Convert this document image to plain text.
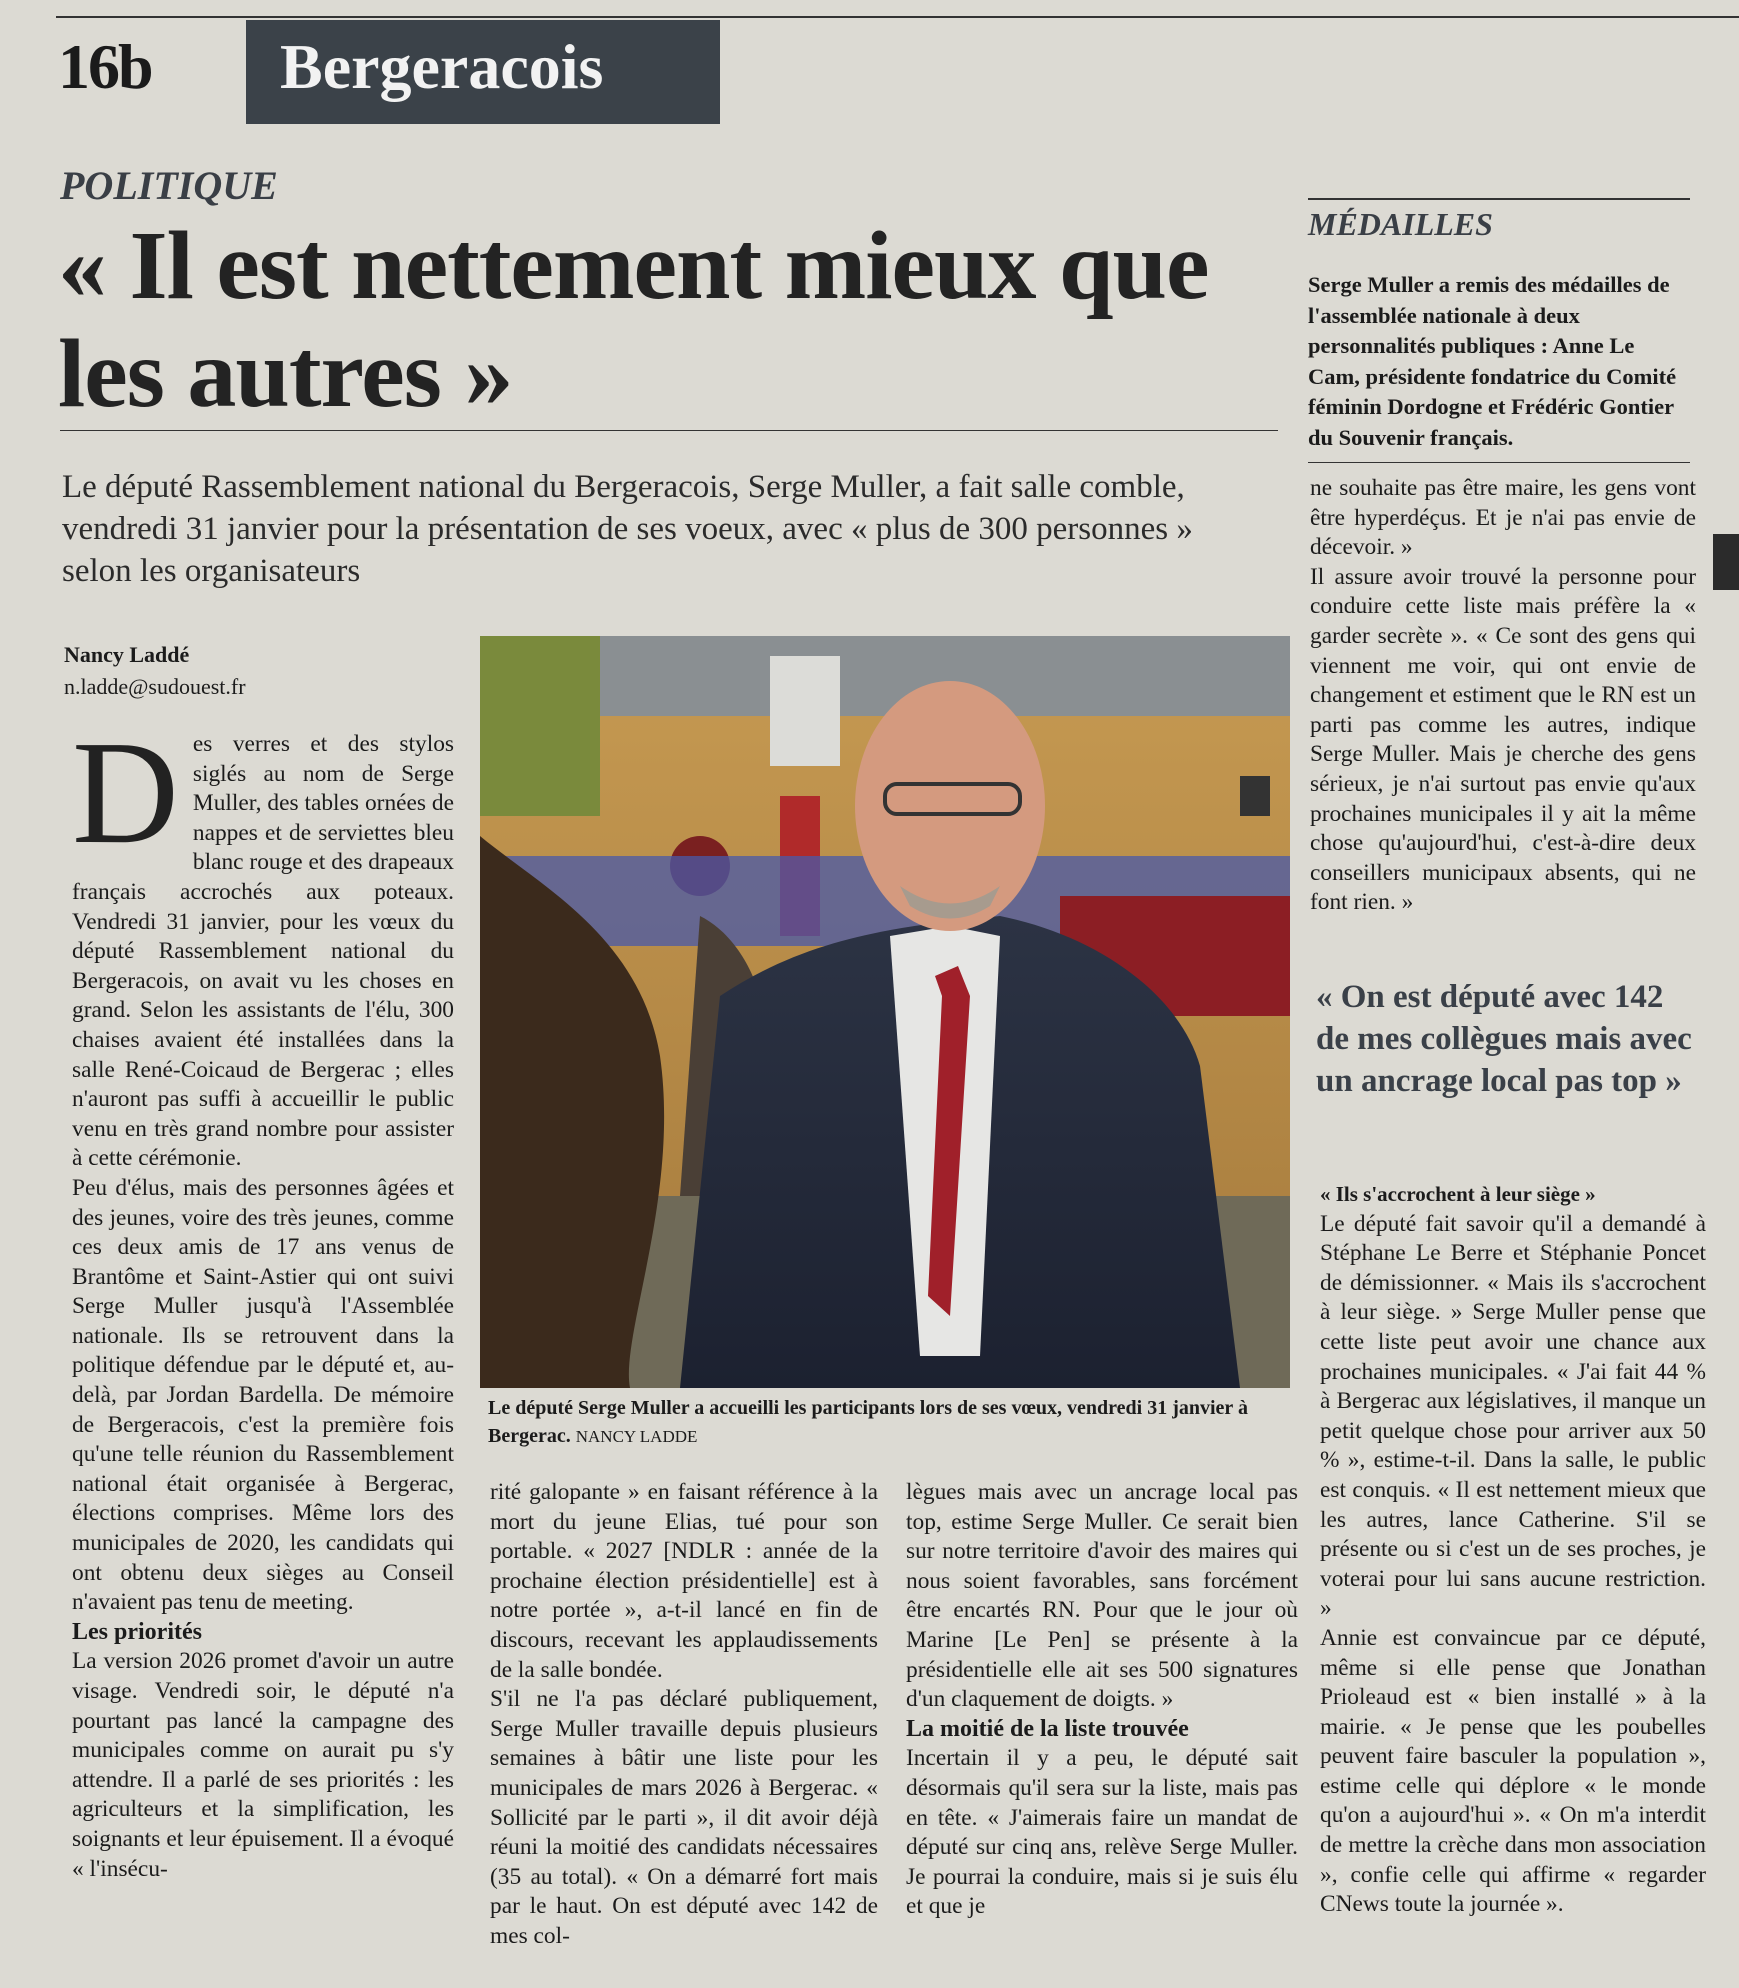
16b Bergeracois
POLITIQUE
« Il est nettement mieux que les autres »

Le député Rassemblement national du Bergeracois, Serge Muller, a fait salle comble, vendredi 31 janvier pour la présentation de ses voeux, avec « plus de 300 personnes » selon les organisateurs

Nancy Laddé
n.ladde@sudouest.fr
Le député Serge Muller a accueilli les participants lors de ses vœux, vendredi 31 janvier à Bergerac. NANCY LADDE
D es verres et des stylos siglés au nom de Serge Muller, des tables ornées de nappes et de serviettes bleu blanc rouge et des drapeaux français accrochés aux poteaux. Vendredi 31 janvier, pour les vœux du député Rassemblement national du Bergeracois, on avait vu les choses en grand. Selon les assistants de l'élu, 300 chaises avaient été installées dans la salle René-Coicaud de Bergerac ; elles n'auront pas suffi à accueillir le public venu en très grand nombre pour assister à cette cérémonie.

Peu d'élus, mais des personnes âgées et des jeunes, voire des très jeunes, comme ces deux amis de 17 ans venus de Brantôme et Saint-Astier qui ont suivi Serge Muller jusqu'à l'Assemblée nationale. Ils se retrouvent dans la politique défendue par le député et, au-delà, par Jordan Bardella. De mémoire de Bergeracois, c'est la première fois qu'une telle réunion du Rassemblement national était organisée à Bergerac, élections comprises. Même lors des municipales de 2020, les candidats qui ont obtenu deux sièges au Conseil n'avaient pas tenu de meeting.

Les priorités

La version 2026 promet d'avoir un autre visage. Vendredi soir, le député n'a pourtant pas lancé la campagne des municipales comme on aurait pu s'y attendre. Il a parlé de ses priorités : les agriculteurs et la simplification, les soignants et leur épuisement. Il a évoqué « l'insécu-

rité galopante » en faisant référence à la mort du jeune Elias, tué pour son portable. « 2027 [NDLR : année de la prochaine élection présidentielle] est à notre portée », a-t-il lancé en fin de discours, recevant les applaudissements de la salle bondée.

S'il ne l'a pas déclaré publiquement, Serge Muller travaille depuis plusieurs semaines à bâtir une liste pour les municipales de mars 2026 à Bergerac. « Sollicité par le parti », il dit avoir déjà réuni la moitié des candidats nécessaires (35 au total). « On a démarré fort mais par le haut. On est député avec 142 de mes col-

lègues mais avec un ancrage local pas top, estime Serge Muller. Ce serait bien sur notre territoire d'avoir des maires qui nous soient favorables, sans forcément être encartés RN. Pour que le jour où Marine [Le Pen] se présente à la présidentielle elle ait ses 500 signatures d'un claquement de doigts. »

La moitié de la liste trouvée

Incertain il y a peu, le député sait désormais qu'il sera sur la liste, mais pas en tête. « J'aimerais faire un mandat de député sur cinq ans, relève Serge Muller. Je pourrai la conduire, mais si je suis élu et que je

MÉDAILLES

Serge Muller a remis des médailles de l'assemblée nationale à deux personnalités publiques : Anne Le Cam, présidente fondatrice du Comité féminin Dordogne et Frédéric Gontier du Souvenir français.

ne souhaite pas être maire, les gens vont être hyperdéçus. Et je n'ai pas envie de décevoir. »

Il assure avoir trouvé la personne pour conduire cette liste mais préfère la « garder secrète ». « Ce sont des gens qui viennent me voir, qui ont envie de changement et estiment que le RN est un parti pas comme les autres, indique Serge Muller. Mais je cherche des gens sérieux, je n'ai surtout pas envie qu'aux prochaines municipales il y ait la même chose qu'aujourd'hui, c'est-à-dire deux conseillers municipaux absents, qui ne font rien. »

« On est député avec 142 de mes collègues mais avec un ancrage local pas top »

« Ils s'accrochent à leur siège »

Le député fait savoir qu'il a demandé à Stéphane Le Berre et Stéphanie Poncet de démissionner. « Mais ils s'accrochent à leur siège. » Serge Muller pense que cette liste peut avoir une chance aux prochaines municipales. « J'ai fait 44 % à Bergerac aux législatives, il manque un petit quelque chose pour arriver aux 50 % », estime-t-il. Dans la salle, le public est conquis. « Il est nettement mieux que les autres, lance Catherine. S'il se présente ou si c'est un de ses proches, je voterai pour lui sans aucune restriction. »

Annie est convaincue par ce député, même si elle pense que Jonathan Prioleaud est « bien installé » à la mairie. « Je pense que les poubelles peuvent faire basculer la population », estime celle qui déplore « le monde qu'on a aujourd'hui ». « On m'a interdit de mettre la crèche dans mon association », confie celle qui affirme « regarder CNews toute la journée ».
